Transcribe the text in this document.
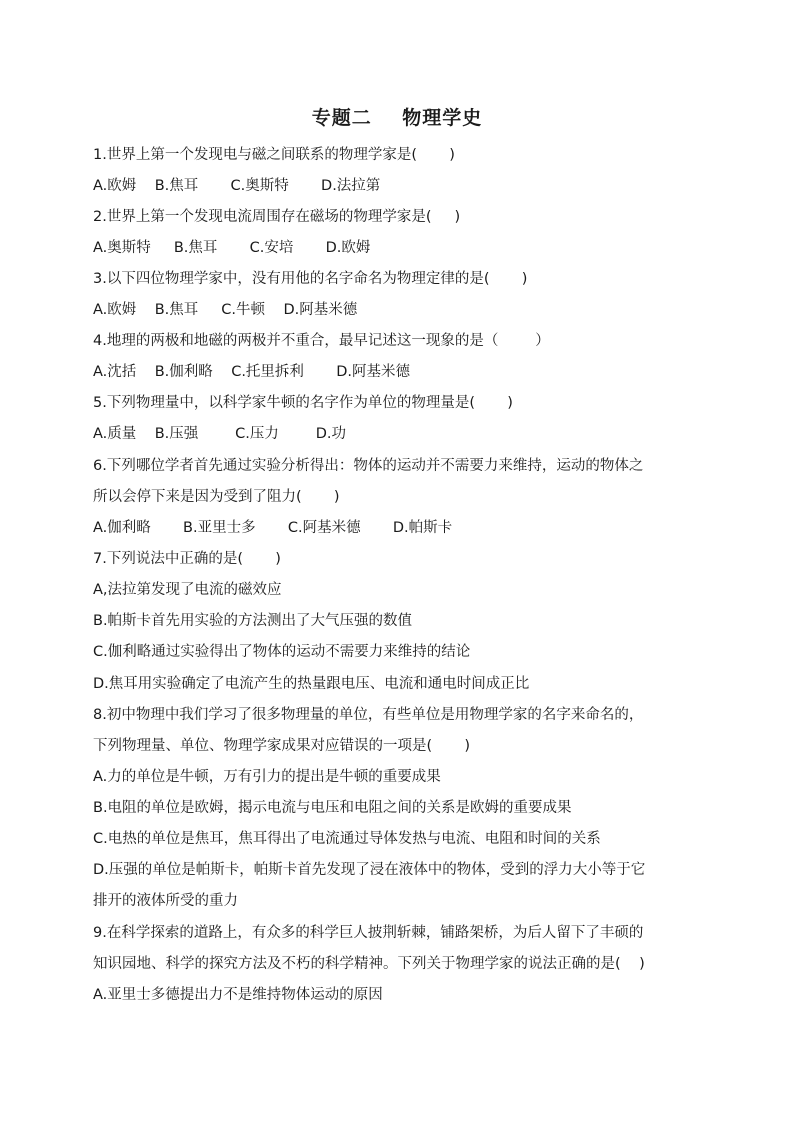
专题二    物理学史
1.世界上第一个发现电与磁之间联系的物理学家是(       )
A.欧姆    B.焦耳       C.奥斯特       D.法拉第
2.世界上第一个发现电流周围存在磁场的物理学家是(     )
A.奥斯特     B.焦耳       C.安培       D.欧姆
3.以下四位物理学家中，没有用他的名字命名为物理定律的是(       )
A.欧姆    B.焦耳     C.牛顿    D.阿基米德
4.地理的两极和地磁的两极并不重合，最早记述这一现象的是（        ）
A.沈括    B.伽利略    C.托里拆利       D.阿基米德
5.下列物理量中，以科学家牛顿的名字作为单位的物理量是(       )
A.质量    B.压强        C.压力        D.功
6.下列哪位学者首先通过实验分析得出：物体的运动并不需要力来维持，运动的物体之
所以会停下来是因为受到了阻力(       )
A.伽利略       B.亚里士多       C.阿基米德       D.帕斯卡
7.下列说法中正确的是(       )
A,法拉第发现了电流的磁效应
B.帕斯卡首先用实验的方法测出了大气压强的数值
C.伽利略通过实验得出了物体的运动不需要力来维持的结论
D.焦耳用实验确定了电流产生的热量跟电压、电流和通电时间成正比
8.初中物理中我们学习了很多物理量的单位，有些单位是用物理学家的名字来命名的，
下列物理量、单位、物理学家成果对应错误的一项是(       )
A.力的单位是牛顿，万有引力的提出是牛顿的重要成果
B.电阻的单位是欧姆，揭示电流与电压和电阻之间的关系是欧姆的重要成果
C.电热的单位是焦耳，焦耳得出了电流通过导体发热与电流、电阻和时间的关系
D.压强的单位是帕斯卡，帕斯卡首先发现了浸在液体中的物体，受到的浮力大小等于它
排开的液体所受的重力
9.在科学探索的道路上，有众多的科学巨人披荆斩棘，铺路架桥，为后人留下了丰硕的
知识园地、科学的探究方法及不朽的科学精神。下列关于物理学家的说法正确的是(    )
A.亚里士多德提出力不是维持物体运动的原因
